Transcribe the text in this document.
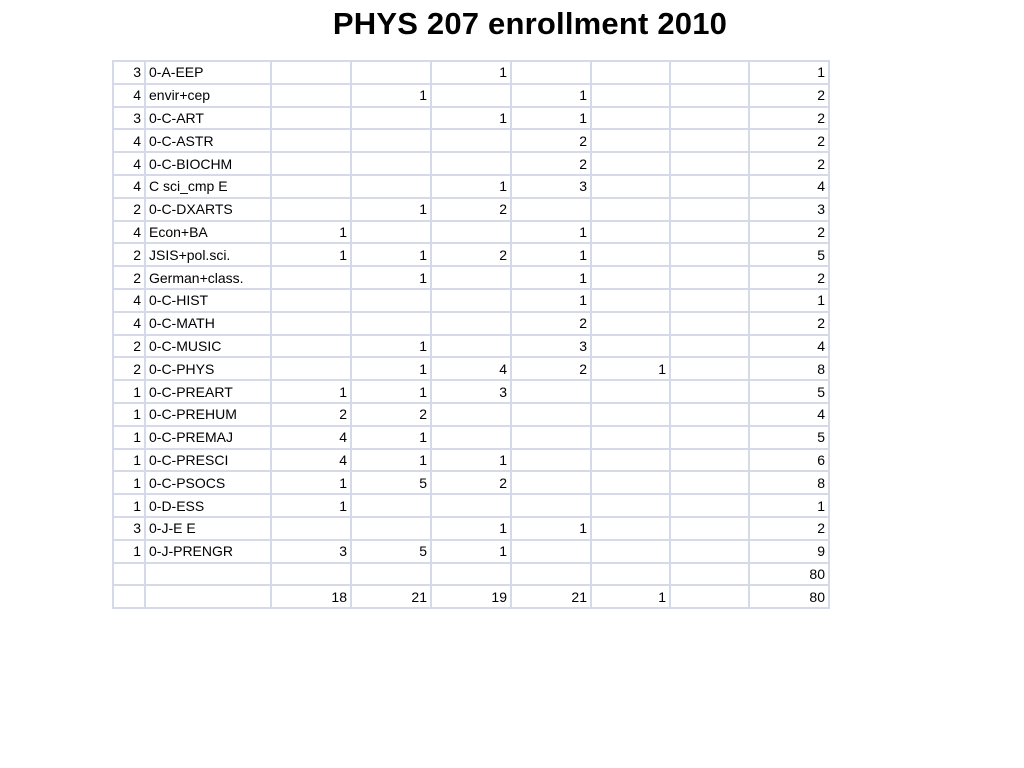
PHYS 207 enrollment 2010
3	0-A-EEP			1				1
4	envir+cep		1		1			2
3	0-C-ART			1	1			2
4	0-C-ASTR				2			2
4	0-C-BIOCHM				2			2
4	C sci_cmp E			1	3			4
2	0-C-DXARTS		1	2				3
4	Econ+BA	1			1			2
2	JSIS+pol.sci.	1	1	2	1			5
2	German+class.		1		1			2
4	0-C-HIST				1			1
4	0-C-MATH				2			2
2	0-C-MUSIC		1		3			4
2	0-C-PHYS		1	4	2	1		8
1	0-C-PREART	1	1	3				5
1	0-C-PREHUM	2	2					4
1	0-C-PREMAJ	4	1					5
1	0-C-PRESCI	4	1	1				6
1	0-C-PSOCS	1	5	2				8
1	0-D-ESS	1						1
3	0-J-E E			1	1			2
1	0-J-PRENGR	3	5	1				9
								80
		18	21	19	21	1		80
